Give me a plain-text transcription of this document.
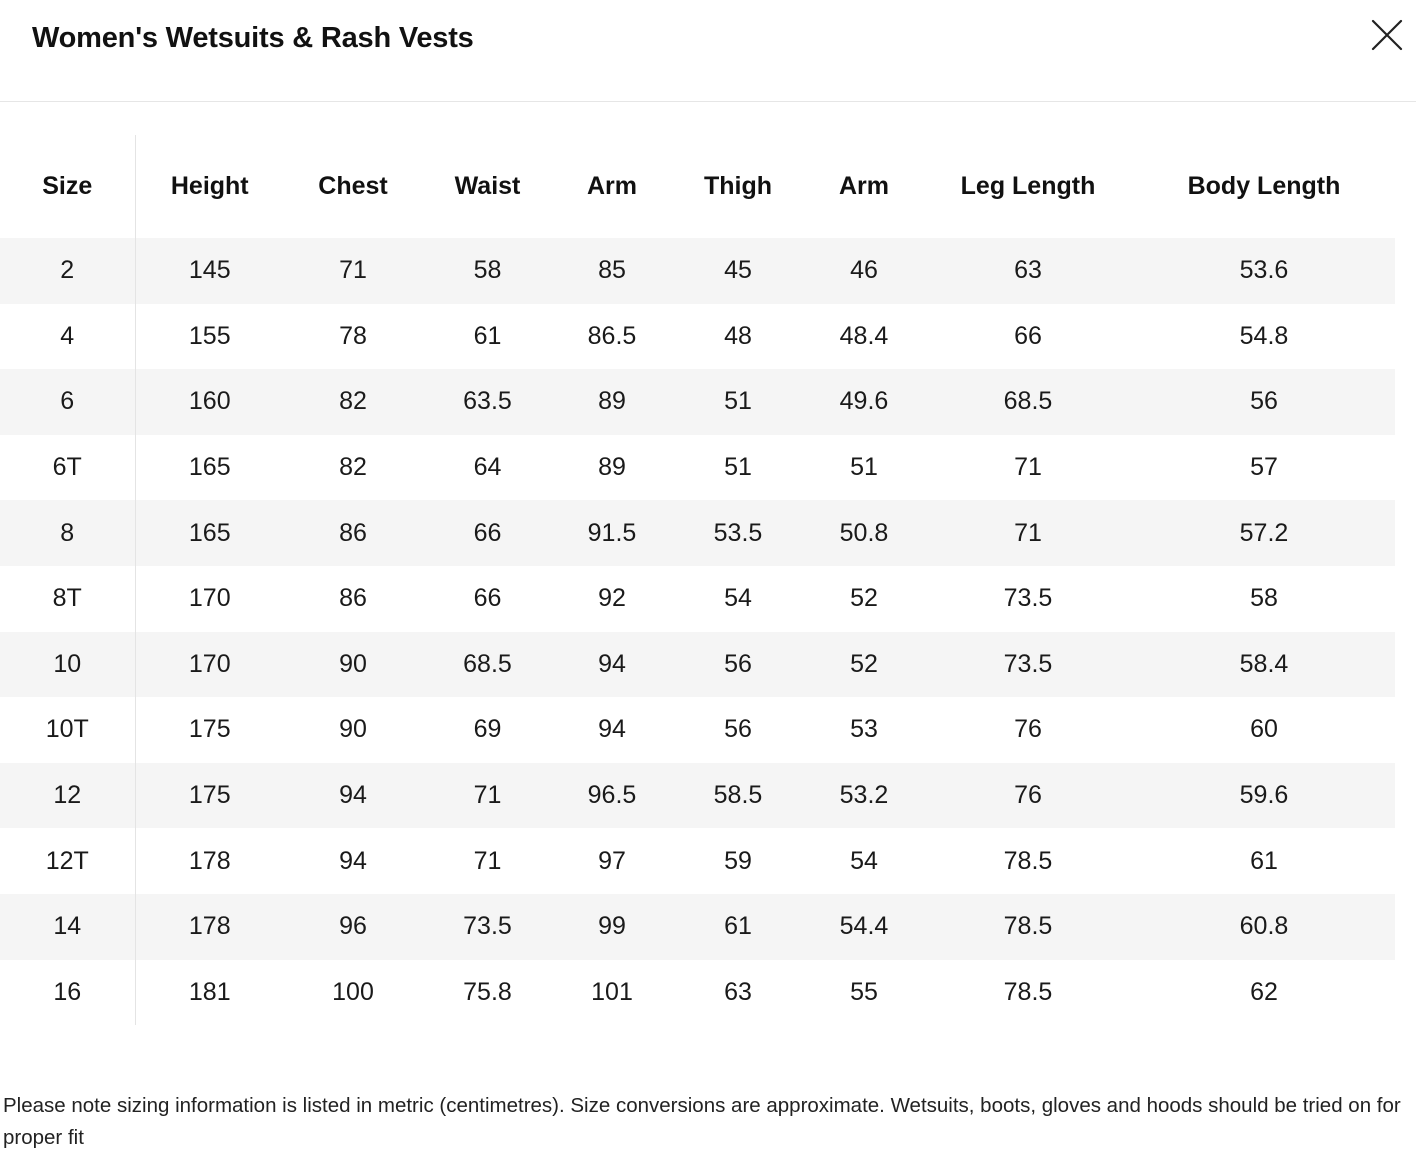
Women's Wetsuits & Rash Vests
Size	Height	Chest	Waist	Arm	Thigh	Arm	Leg Length	Body Length
2	145	71	58	85	45	46	63	53.6
4	155	78	61	86.5	48	48.4	66	54.8
6	160	82	63.5	89	51	49.6	68.5	56
6T	165	82	64	89	51	51	71	57
8	165	86	66	91.5	53.5	50.8	71	57.2
8T	170	86	66	92	54	52	73.5	58
10	170	90	68.5	94	56	52	73.5	58.4
10T	175	90	69	94	56	53	76	60
12	175	94	71	96.5	58.5	53.2	76	59.6
12T	178	94	71	97	59	54	78.5	61
14	178	96	73.5	99	61	54.4	78.5	60.8
16	181	100	75.8	101	63	55	78.5	62

Please note sizing information is listed in metric (centimetres). Size conversions are approximate. Wetsuits, boots, gloves and hoods should be tried on for proper fit
